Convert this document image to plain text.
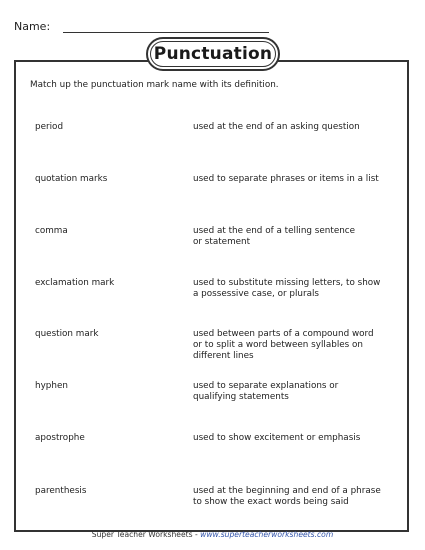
Name:
Punctuation
Match up the punctuation mark name with its definition.
period	used at the end of an asking question
quotation marks	used to separate phrases or items in a list
comma	used at the end of a telling sentence
or statement
exclamation mark	used to substitute missing letters, to show
a possessive case, or plurals
question mark	used between parts of a compound word
or to split a word between syllables on
different lines
hyphen	used to separate explanations or
qualifying statements
apostrophe	used to show excitement or emphasis
parenthesis	used at the beginning and end of a phrase
to show the exact words being said
Super Teacher Worksheets - www.superteacherworksheets.com
